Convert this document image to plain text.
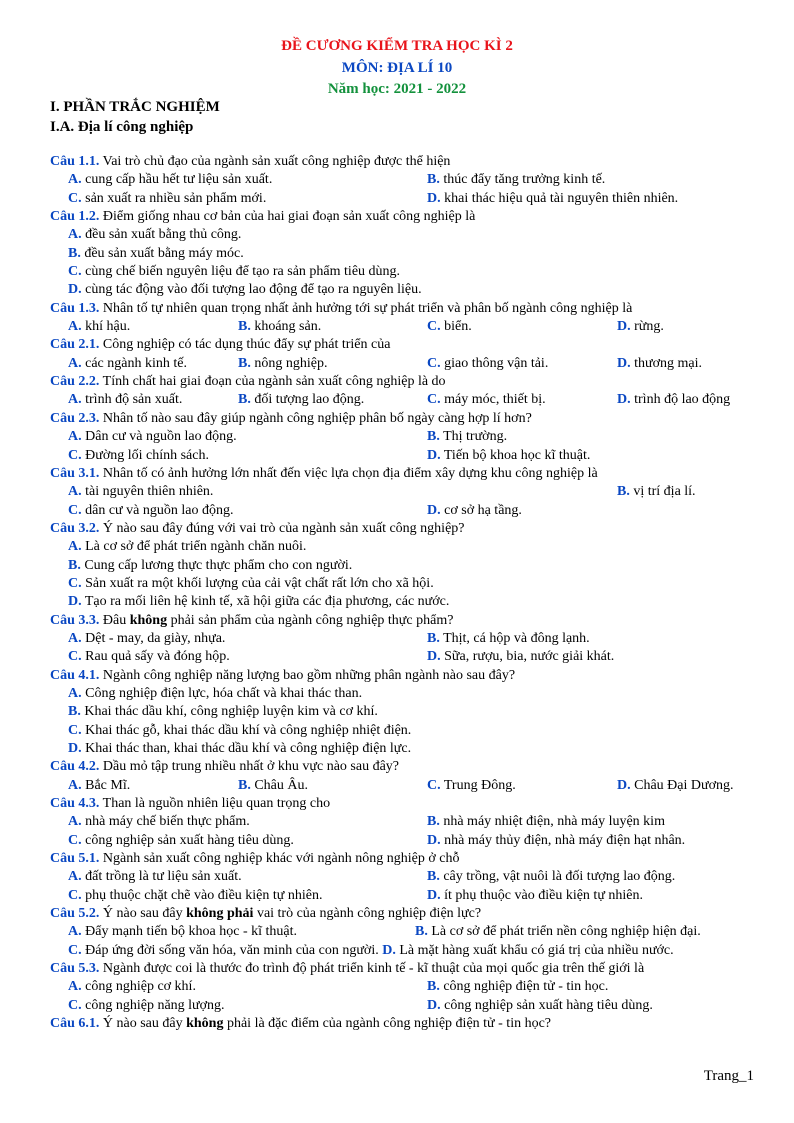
ĐỀ CƯƠNG KIỂM TRA HỌC KÌ 2
MÔN: ĐỊA LÍ 10
Năm học: 2021 - 2022
I. PHẦN TRẮC NGHIỆM
I.A. Địa lí công nghiệp
Câu 1.1. Vai trò chủ đạo của ngành sản xuất công nghiệp được thể hiện
A. cung cấp hầu hết tư liệu sản xuất.	B. thúc đẩy tăng trưởng kinh tế.
C. sản xuất ra nhiều sản phẩm mới.	D. khai thác hiệu quả tài nguyên thiên nhiên.
Câu 1.2. Điểm giống nhau cơ bản của hai giai đoạn sản xuất công nghiệp là
A. đều sản xuất bằng thủ công.
B. đều sản xuất bằng máy móc.
C. cùng chế biến nguyên liệu để tạo ra sản phẩm tiêu dùng.
D. cùng tác động vào đối tượng lao động để tạo ra nguyên liệu.
Câu 1.3. Nhân tố tự nhiên quan trọng nhất ảnh hưởng tới sự phát triển và phân bố ngành công nghiệp là
A. khí hậu.	B. khoáng sản.	C. biển.	D. rừng.
Câu 2.1. Công nghiệp có tác dụng thúc đẩy sự phát triển của
A. các ngành kinh tế.	B. nông nghiệp.	C. giao thông vận tải.	D. thương mại.
Câu 2.2. Tính chất hai giai đoạn của ngành sản xuất công nghiệp là do
A. trình độ sản xuất.	B. đối tượng lao động.	C. máy móc, thiết bị.	D. trình độ lao động
Câu 2.3. Nhân tố nào sau đây giúp ngành công nghiệp phân bố ngày càng hợp lí hơn?
A. Dân cư và nguồn lao động.	B. Thị trường.
C. Đường lối chính sách.	D. Tiến bộ khoa học kĩ thuật.
Câu 3.1. Nhân tố có ảnh hưởng lớn nhất đến việc lựa chọn địa điểm xây dựng khu công nghiệp là
A. tài nguyên thiên nhiên.	B. vị trí địa lí.
C. dân cư và nguồn lao động.	D. cơ sở hạ tầng.
Câu 3.2. Ý nào sau đây đúng với vai trò của ngành sản xuất công nghiệp?
A. Là cơ sở để phát triển ngành chăn nuôi.
B. Cung cấp lương thực thực phẩm cho con người.
C. Sản xuất ra một khối lượng của cải vật chất rất lớn cho xã hội.
D. Tạo ra mối liên hệ kinh tế, xã hội giữa các địa phương, các nước.
Câu 3.3. Đâu không phải sản phẩm của ngành công nghiệp thực phẩm?
A. Dệt - may, da giày, nhựa.	B. Thịt, cá hộp và đông lạnh.
C. Rau quả sấy và đóng hộp.	D. Sữa, rượu, bia, nước giải khát.
Câu 4.1. Ngành công nghiệp năng lượng bao gồm những phân ngành nào sau đây?
A. Công nghiệp điện lực, hóa chất và khai thác than.
B. Khai thác dầu khí, công nghiệp luyện kim và cơ khí.
C. Khai thác gỗ, khai thác dầu khí và công nghiệp nhiệt điện.
D. Khai thác than, khai thác dầu khí và công nghiệp điện lực.
Câu 4.2. Dầu mỏ tập trung nhiều nhất ở khu vực nào sau đây?
A. Bắc Mĩ.	B. Châu Âu.	C. Trung Đông.	D. Châu Đại Dương.
Câu 4.3. Than là nguồn nhiên liệu quan trọng cho
A. nhà máy chế biến thực phẩm.	B. nhà máy nhiệt điện, nhà máy luyện kim
C. công nghiệp sản xuất hàng tiêu dùng.	D. nhà máy thủy điện, nhà máy điện hạt nhân.
Câu 5.1. Ngành sản xuất công nghiệp khác với ngành nông nghiệp ở chỗ
A. đất trồng là tư liệu sản xuất.	B. cây trồng, vật nuôi là đối tượng lao động.
C. phụ thuộc chặt chẽ vào điều kiện tự nhiên.	D. ít phụ thuộc vào điều kiện tự nhiên.
Câu 5.2. Ý nào sau đây không phải vai trò của ngành công nghiệp điện lực?
A. Đẩy mạnh tiến bộ khoa học - kĩ thuật.	B. Là cơ sở để phát triển nền công nghiệp hiện đại.
C. Đáp ứng đời sống văn hóa, văn minh của con người. D. Là mặt hàng xuất khẩu có giá trị của nhiều nước.
Câu 5.3. Ngành được coi là thước đo trình độ phát triển kinh tế - kĩ thuật của mọi quốc gia trên thế giới là
A. công nghiệp cơ khí.	B. công nghiệp điện tử - tin học.
C. công nghiệp năng lượng.	D. công nghiệp sản xuất hàng tiêu dùng.
Câu 6.1. Ý nào sau đây không phải là đặc điểm của ngành công nghiệp điện tử - tin học?
Trang_1
